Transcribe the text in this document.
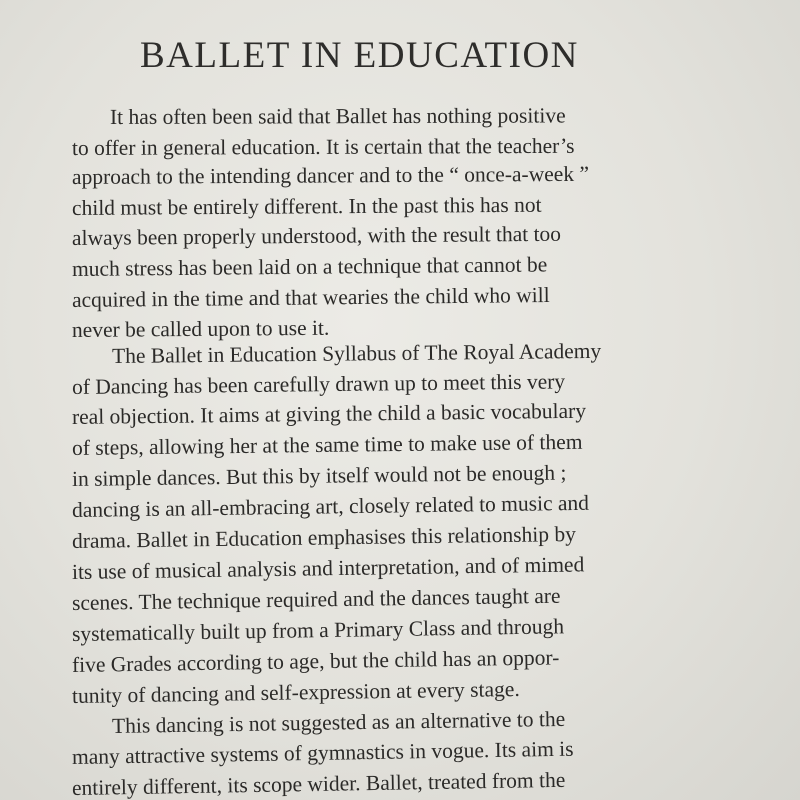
BALLET IN EDUCATION

It has often been said that Ballet has nothing positive

to offer in general education. It is certain that the teacher’s

approach to the intending dancer and to the “ once-a-week ”

child must be entirely different. In the past this has not

always been properly understood, with the result that too

much stress has been laid on a technique that cannot be

acquired in the time and that wearies the child who will

never be called upon to use it.

The Ballet in Education Syllabus of The Royal Academy

of Dancing has been carefully drawn up to meet this very

real objection. It aims at giving the child a basic vocabulary

of steps, allowing her at the same time to make use of them

in simple dances. But this by itself would not be enough ;

dancing is an all-embracing art, closely related to music and

drama. Ballet in Education emphasises this relationship by

its use of musical analysis and interpretation, and of mimed

scenes. The technique required and the dances taught are

systematically built up from a Primary Class and through

five Grades according to age, but the child has an oppor-

tunity of dancing and self-expression at every stage.

This dancing is not suggested as an alternative to the

many attractive systems of gymnastics in vogue. Its aim is

entirely different, its scope wider. Ballet, treated from the
